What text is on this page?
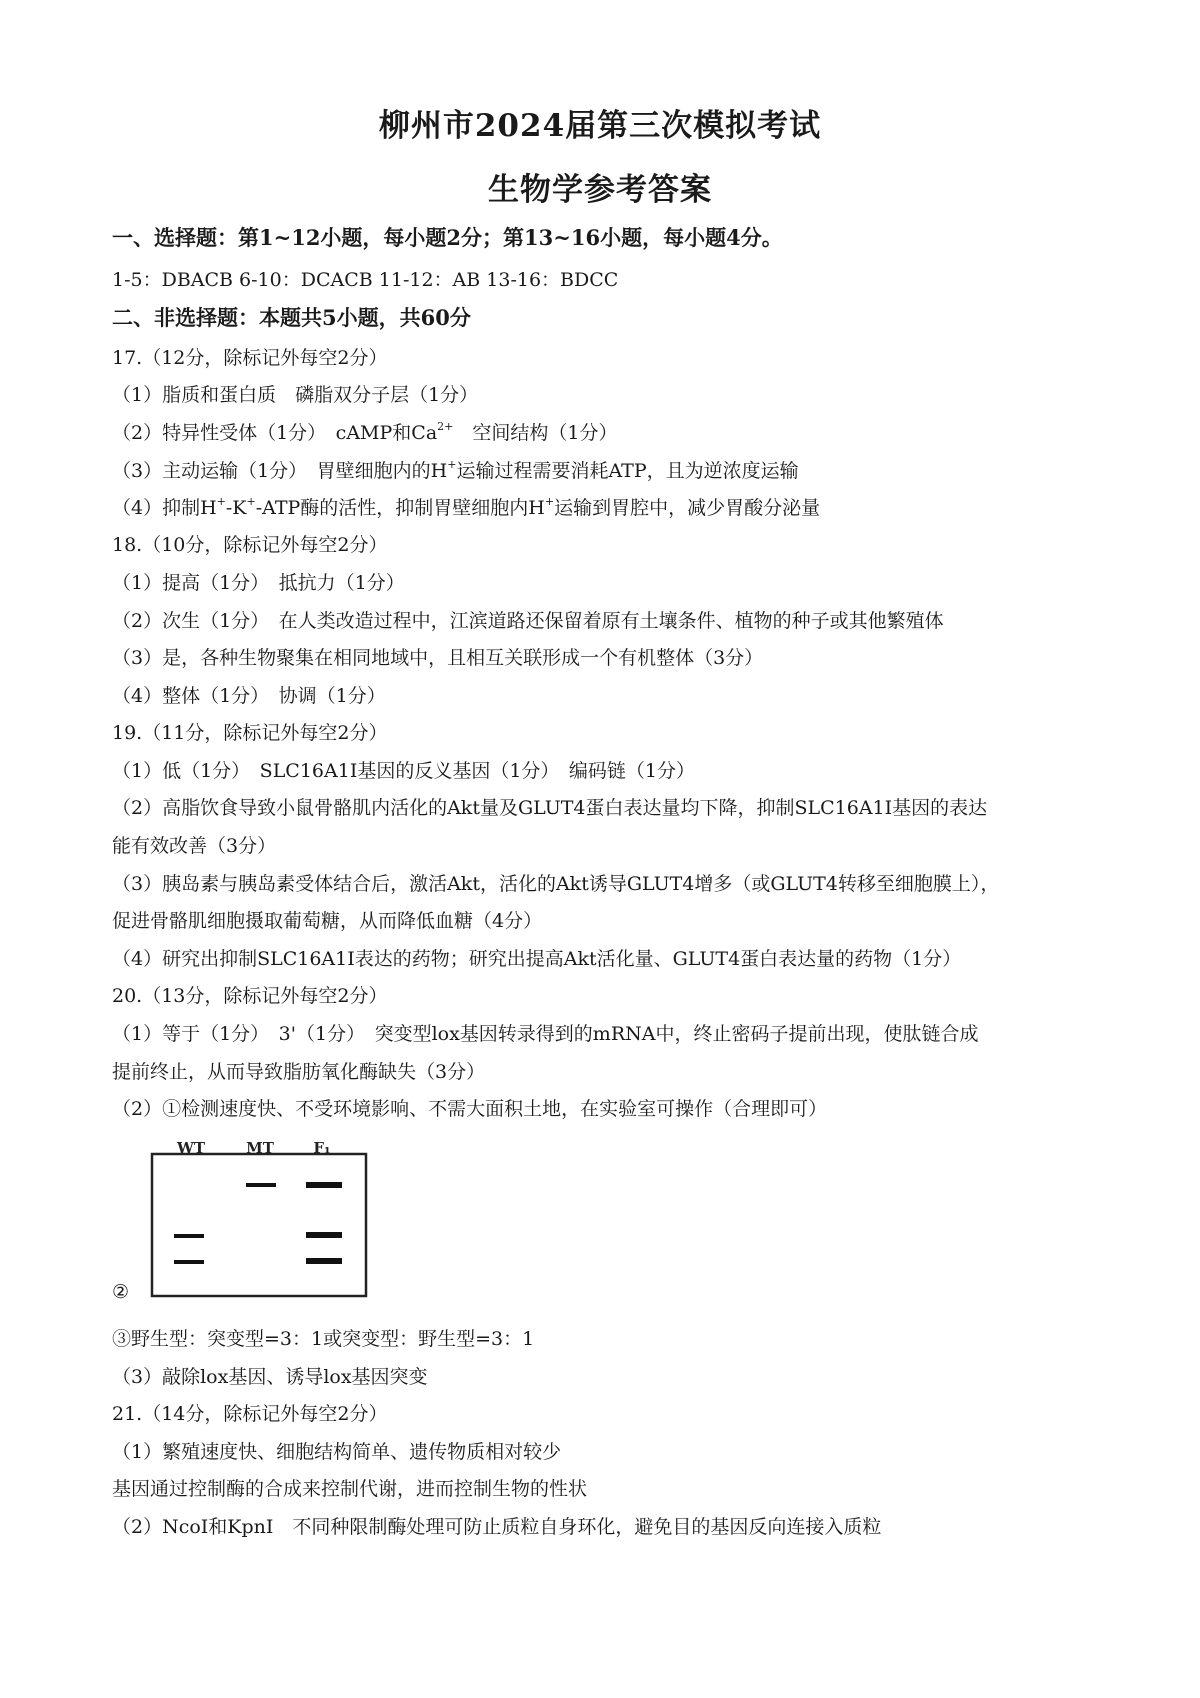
柳州市2024届第三次模拟考试
生物学参考答案
一、选择题：第1~12小题，每小题2分；第13~16小题，每小题4分。
1-5：DBACB 6-10：DCACB 11-12：AB 13-16：BDCC
二、非选择题：本题共5小题，共60分
17.（12分，除标记外每空2分）
（1）脂质和蛋白质　磷脂双分子层（1分）
（2）特异性受体（1分）　cAMP和$Ca^{2+}$　空间结构（1分）
（3）主动运输（1分）　胃壁细胞内的H+运输过程需要消耗ATP，且为逆浓度运输
（4）抑制H+-K+-ATP酶的活性，抑制胃壁细胞内H+运输到胃腔中，减少胃酸分泌量
18.（10分，除标记外每空2分）
（1）提高（1分）　抵抗力（1分）
（2）次生（1分）　在人类改造过程中，江滨道路还保留着原有土壤条件、植物的种子或其他繁殖体
（3）是，各种生物聚集在相同地域中，且相互关联形成一个有机整体（3分）
（4）整体（1分）　协调（1分）
19.（11分，除标记外每空2分）
（1）低（1分）　SLC16A1I基因的反义基因（1分）　编码链（1分）
（2）高脂饮食导致小鼠骨骼肌内活化的Akt量及GLUT4蛋白表达量均下降，抑制SLC16A1I基因的表达
能有效改善（3分）
（3）胰岛素与胰岛素受体结合后，激活Akt，活化的Akt诱导GLUT4增多（或GLUT4转移至细胞膜上），
促进骨骼肌细胞摄取葡萄糖，从而降低血糖（4分）
（4）研究出抑制SLC16A1I表达的药物；研究出提高Akt活化量、GLUT4蛋白表达量的药物（1分）
20.（13分，除标记外每空2分）
（1）等于（1分）　3'（1分）　突变型lox基因转录得到的mRNA中，终止密码子提前出现，使肽链合成
提前终止，从而导致脂肪氧化酶缺失（3分）
（2）①检测速度快、不受环境影响、不需大面积土地，在实验室可操作（合理即可）
WT	MT	F₁
②
③野生型：突变型=3：1或突变型：野生型=3：1
（3）敲除lox基因、诱导lox基因突变
21.（14分，除标记外每空2分）
（1）繁殖速度快、细胞结构简单、遗传物质相对较少
基因通过控制酶的合成来控制代谢，进而控制生物的性状
（2）NcoⅠ和KpnⅠ　不同种限制酶处理可防止质粒自身环化，避免目的基因反向连接入质粒
